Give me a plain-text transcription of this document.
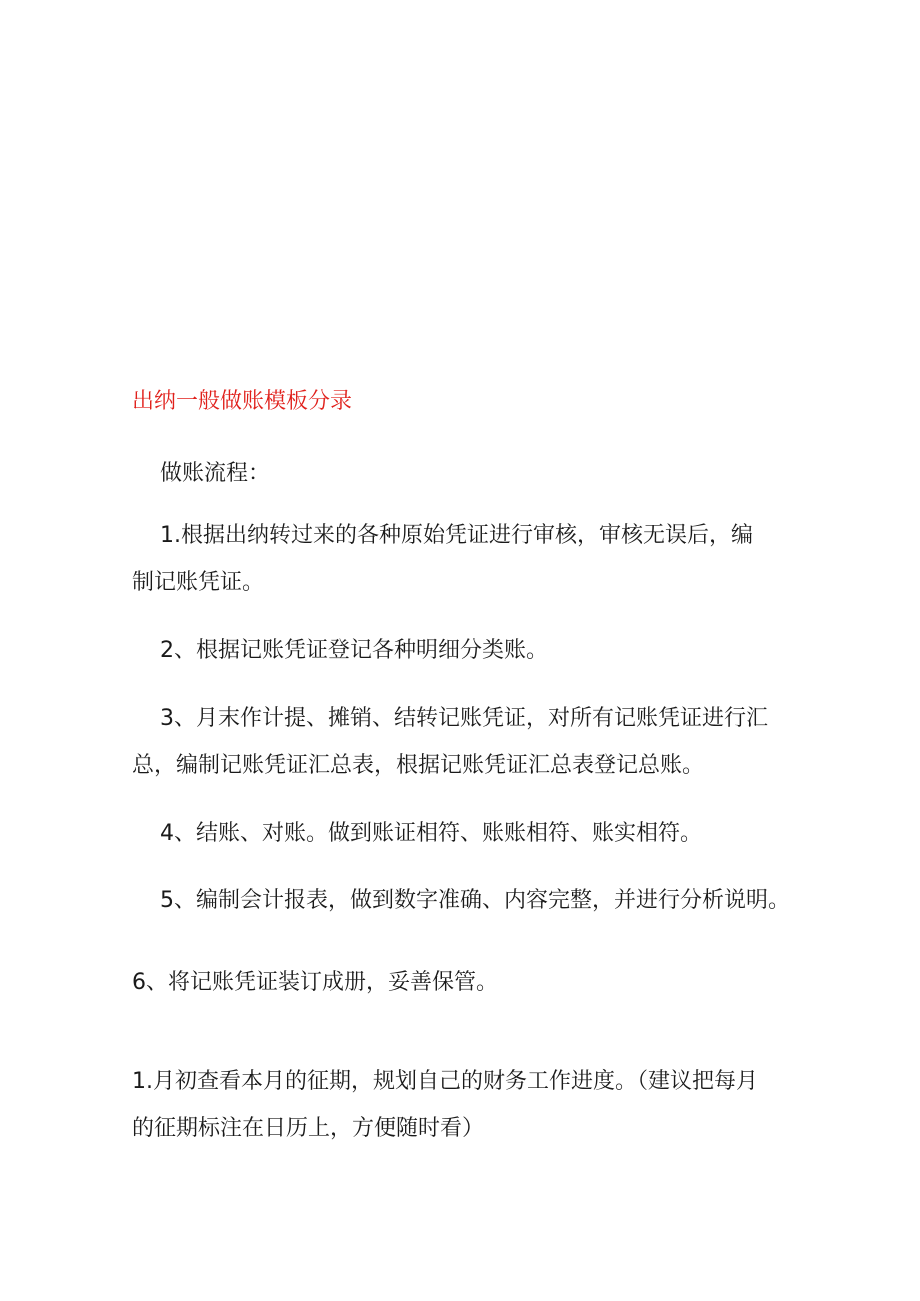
出纳一般做账模板分录
做账流程：
1.根据出纳转过来的各种原始凭证进行审核，审核无误后，编
制记账凭证。
2、根据记账凭证登记各种明细分类账。
3、月末作计提、摊销、结转记账凭证，对所有记账凭证进行汇
总，编制记账凭证汇总表，根据记账凭证汇总表登记总账。
4、结账、对账。做到账证相符、账账相符、账实相符。
5、编制会计报表，做到数字准确、内容完整，并进行分析说明。
6、将记账凭证装订成册，妥善保管。
1.月初查看本月的征期，规划自己的财务工作进度。（建议把每月
的征期标注在日历上，方便随时看）
